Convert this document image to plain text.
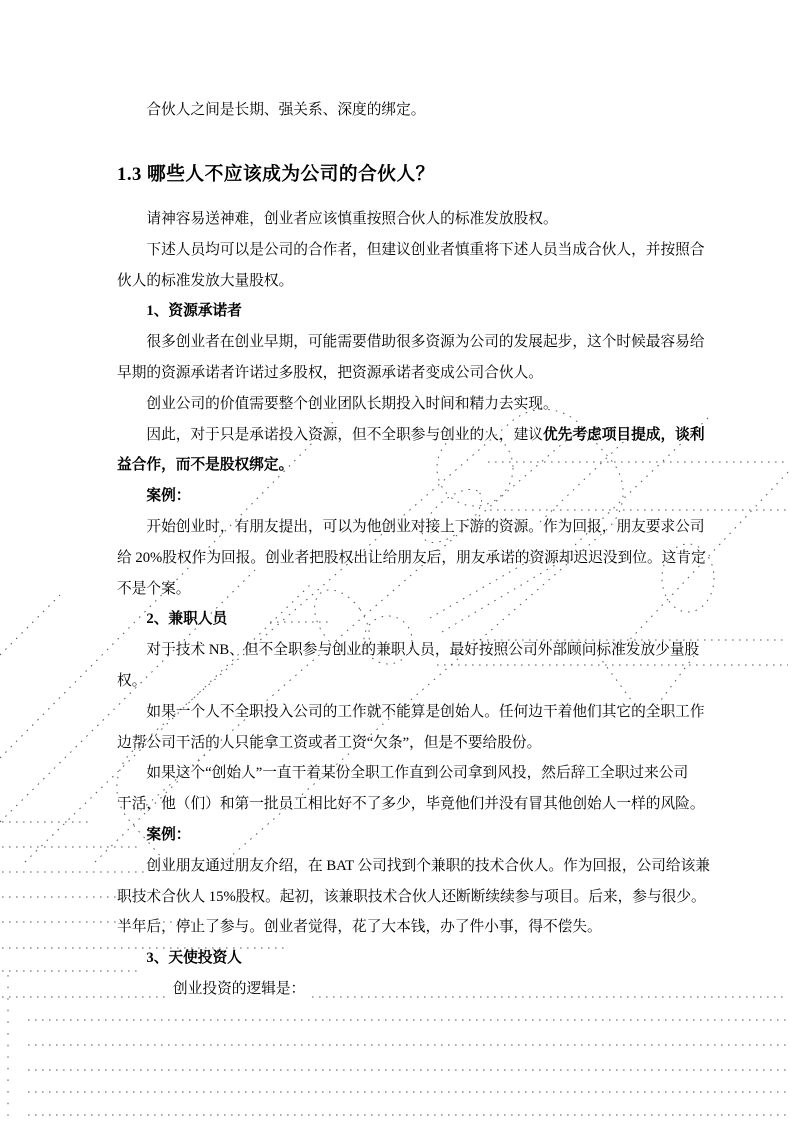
合伙人之间是长期、强关系、深度的绑定。
1.3 哪些人不应该成为公司的合伙人？
请神容易送神难，创业者应该慎重按照合伙人的标准发放股权。
下述人员均可以是公司的合作者，但建议创业者慎重将下述人员当成合伙人，并按照合
伙人的标准发放大量股权。
1、资源承诺者
很多创业者在创业早期，可能需要借助很多资源为公司的发展起步，这个时候最容易给
早期的资源承诺者许诺过多股权，把资源承诺者变成公司合伙人。
创业公司的价值需要整个创业团队长期投入时间和精力去实现。
因此，对于只是承诺投入资源，但不全职参与创业的人，建议优先考虑项目提成，谈利
益合作，而不是股权绑定。
案例：
开始创业时，有朋友提出，可以为他创业对接上下游的资源。作为回报，朋友要求公司
给 20%股权作为回报。创业者把股权出让给朋友后，朋友承诺的资源却迟迟没到位。这肯定
不是个案。
2、兼职人员
对于技术 NB、但不全职参与创业的兼职人员，最好按照公司外部顾问标准发放少量股
权。
如果一个人不全职投入公司的工作就不能算是创始人。任何边干着他们其它的全职工作
边帮公司干活的人只能拿工资或者工资“欠条”，但是不要给股份。
如果这个“创始人”一直干着某份全职工作直到公司拿到风投，然后辞工全职过来公司
干活，他（们）和第一批员工相比好不了多少，毕竟他们并没有冒其他创始人一样的风险。
案例：
创业朋友通过朋友介绍，在 BAT 公司找到个兼职的技术合伙人。作为回报，公司给该兼
职技术合伙人 15%股权。起初，该兼职技术合伙人还断断续续参与项目。后来，参与很少。
半年后，停止了参与。创业者觉得，花了大本钱，办了件小事，得不偿失。
3、天使投资人
创业投资的逻辑是：
